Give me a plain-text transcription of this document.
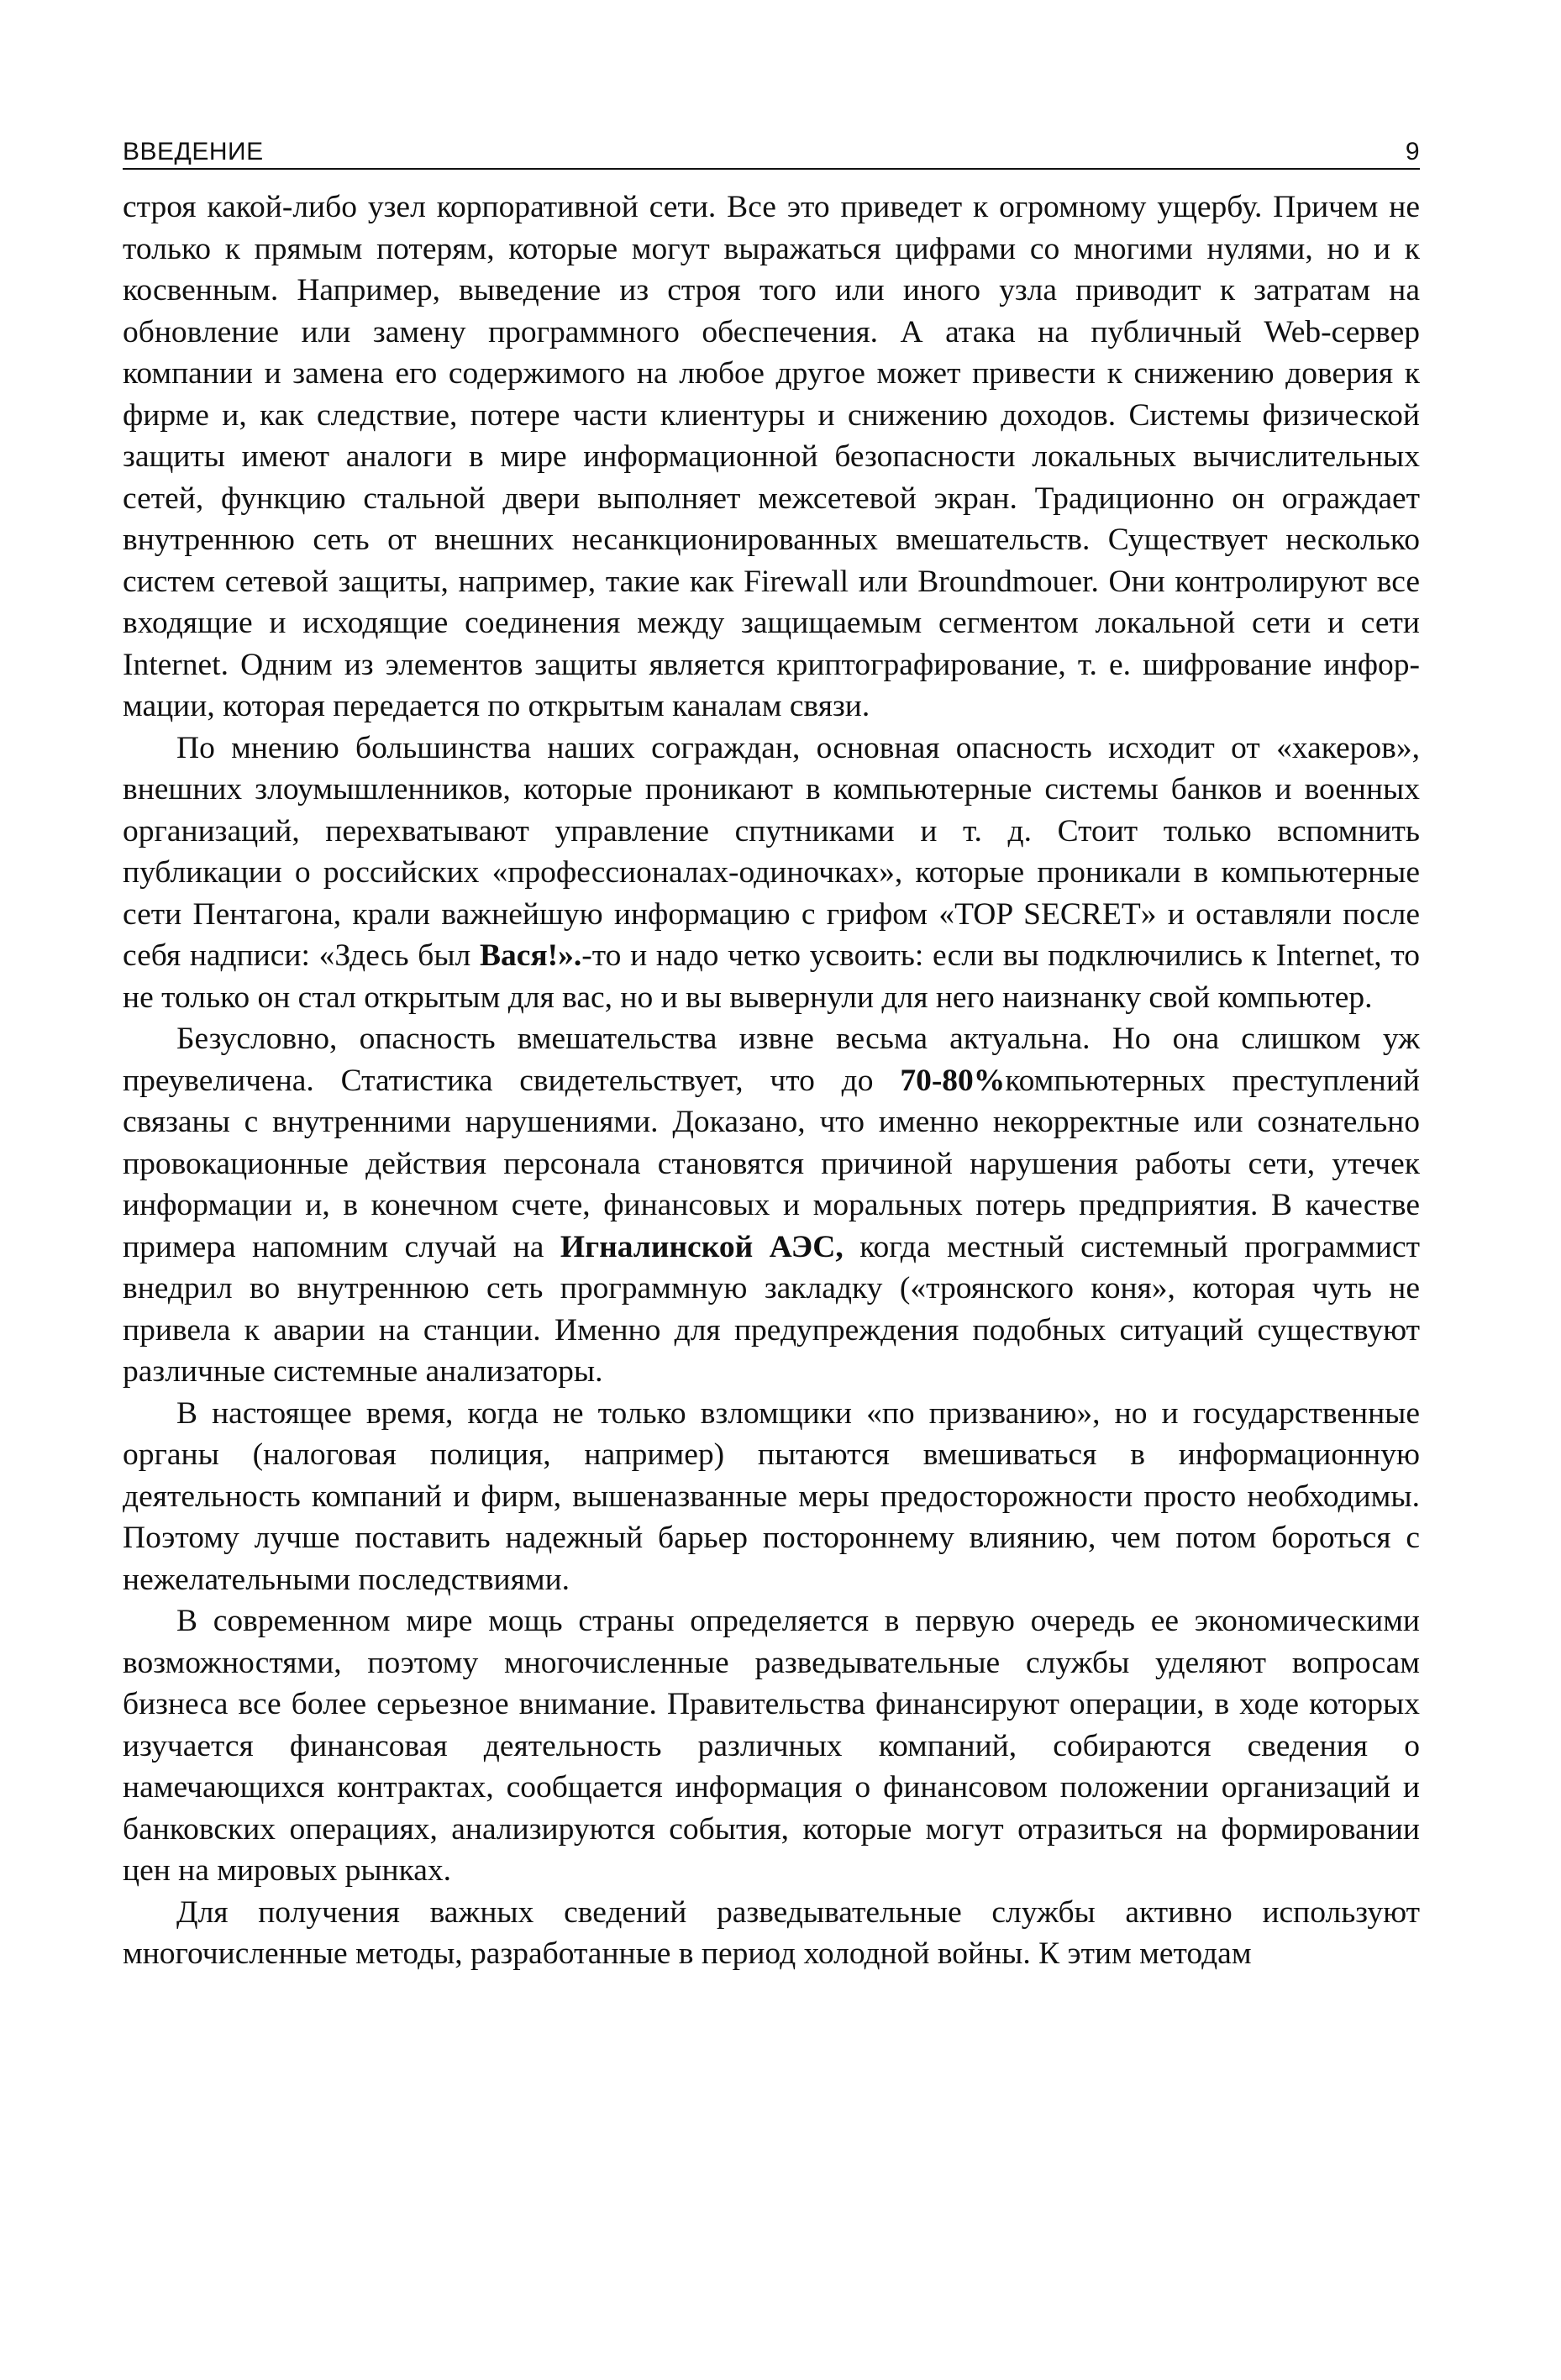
ВВЕДЕНИЕ	9

строя какой-либо узел корпоративной сети. Все это приведет к огромному ущербу. Причем не только к прямым потерям, которые могут выражаться цифрами со многими нулями, но и к косвенным. Например, выведение из строя того или иного узла приводит к затратам на обновление или замену программного обеспечения. А атака на публичный Web-сервер компании и замена его содержимого на любое другое может привести к снижению доверия к фирме и, как следствие, потере части клиентуры и снижению доходов. Системы физической защиты имеют аналоги в мире информационной безопасности локальных вычислительных сетей, функцию стальной двери выполняет межсетевой экран. Традиционно он ограждает внутреннюю сеть от внешних несанкционированных вмешательств. Существует несколько систем сетевой защиты, например, такие как Firewall или Broundmouer. Они контролируют все входящие и исходящие соединения между защищаемым сегментом локальной сети и сети Internet. Одним из элементов защиты является криптографирование, т. е. шифрование информации, которая передается по открытым каналам связи.

По мнению большинства наших сограждан, основная опасность исходит от «хакеров», внешних злоумышленников, которые проникают в компьютерные системы банков и военных организаций, перехватывают управление спутниками и т. д. Стоит только вспомнить публикации о российских «профессионалах-одиночках», которые проникали в компьютерные сети Пентагона, крали важнейшую информацию с грифом «TOP SECRET» и оставляли после себя надписи: «Здесь был Вася!».-то и надо четко усвоить: если вы подключились к Internet, то не только он стал открытым для вас, но и вы вывернули для него наизнанку свой компьютер.

Безусловно, опасность вмешательства извне весьма актуальна. Но она слишком уж преувеличена. Статистика свидетельствует, что до 70-80%компьютерных преступлений связаны с внутренними нарушениями. Доказано, что именно некорректные или сознательно провокационные действия персонала становятся причиной нарушения работы сети, утечек информации и, в конечном счете, финансовых и моральных потерь предприятия. В качестве примера напомним случай на Игналинской АЭС, когда местный системный программист внедрил во внутреннюю сеть программную закладку («троянского коня», которая чуть не привела к аварии на станции. Именно для предупреждения подобных ситуаций существуют различные системные анализаторы.

В настоящее время, когда не только взломщики «по призванию», но и государственные органы (налоговая полиция, например) пытаются вмешиваться в информационную деятельность компаний и фирм, вышеназванные меры предосторожности просто необходимы. Поэтому лучше поставить надежный барьер постороннему влиянию, чем потом бороться с нежелательными последствиями.

В современном мире мощь страны определяется в первую очередь ее экономическими возможностями, поэтому многочисленные разведывательные службы уделяют вопросам бизнеса все более серьезное внимание. Правительства финансируют операции, в ходе которых изучается финансовая деятельность различных компаний, собираются сведения о намечающихся контрактах, сообщается информация о финансовом положении организаций и банковских операциях, анализируются события, которые могут отразиться на формировании цен на мировых рынках.

Для получения важных сведений разведывательные службы активно используют многочисленные методы, разработанные в период холодной войны. К этим методам
